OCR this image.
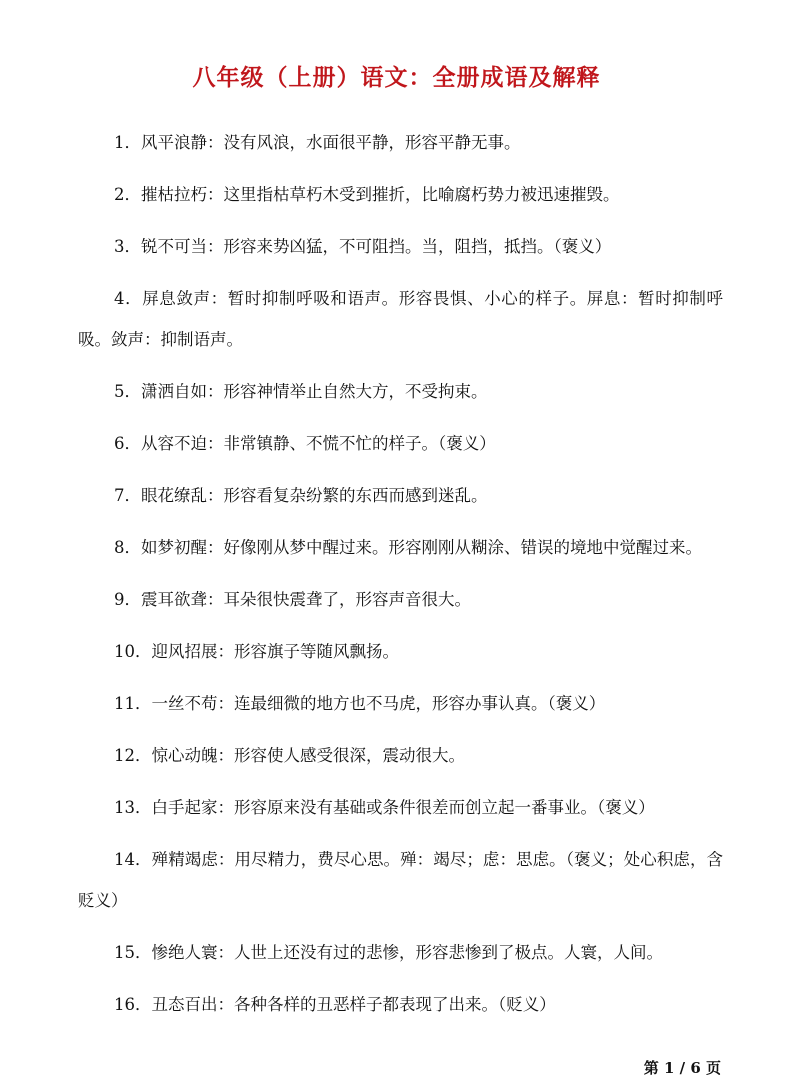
八年级（上册）语文：全册成语及解释
1．风平浪静：没有风浪，水面很平静，形容平静无事。
2．摧枯拉朽：这里指枯草朽木受到摧折，比喻腐朽势力被迅速摧毁。
3．锐不可当：形容来势凶猛，不可阻挡。当，阻挡，抵挡。（褒义）
4．屏息敛声：暂时抑制呼吸和语声。形容畏惧、小心的样子。屏息：暂时抑制呼吸。敛声：抑制语声。
5．潇洒自如：形容神情举止自然大方，不受拘束。
6．从容不迫：非常镇静、不慌不忙的样子。（褒义）
7．眼花缭乱：形容看复杂纷繁的东西而感到迷乱。
8．如梦初醒：好像刚从梦中醒过来。形容刚刚从糊涂、错误的境地中觉醒过来。
9．震耳欲聋：耳朵很快震聋了，形容声音很大。
10．迎风招展：形容旗子等随风飘扬。
11．一丝不苟：连最细微的地方也不马虎，形容办事认真。（褒义）
12．惊心动魄：形容使人感受很深，震动很大。
13．白手起家：形容原来没有基础或条件很差而创立起一番事业。（褒义）
14．殚精竭虑：用尽精力，费尽心思。殚：竭尽；虑：思虑。（褒义；处心积虑，含贬义）
15．惨绝人寰：人世上还没有过的悲惨，形容悲惨到了极点。人寰，人间。
16．丑态百出：各种各样的丑恶样子都表现了出来。（贬义）
第 1 / 6 页
